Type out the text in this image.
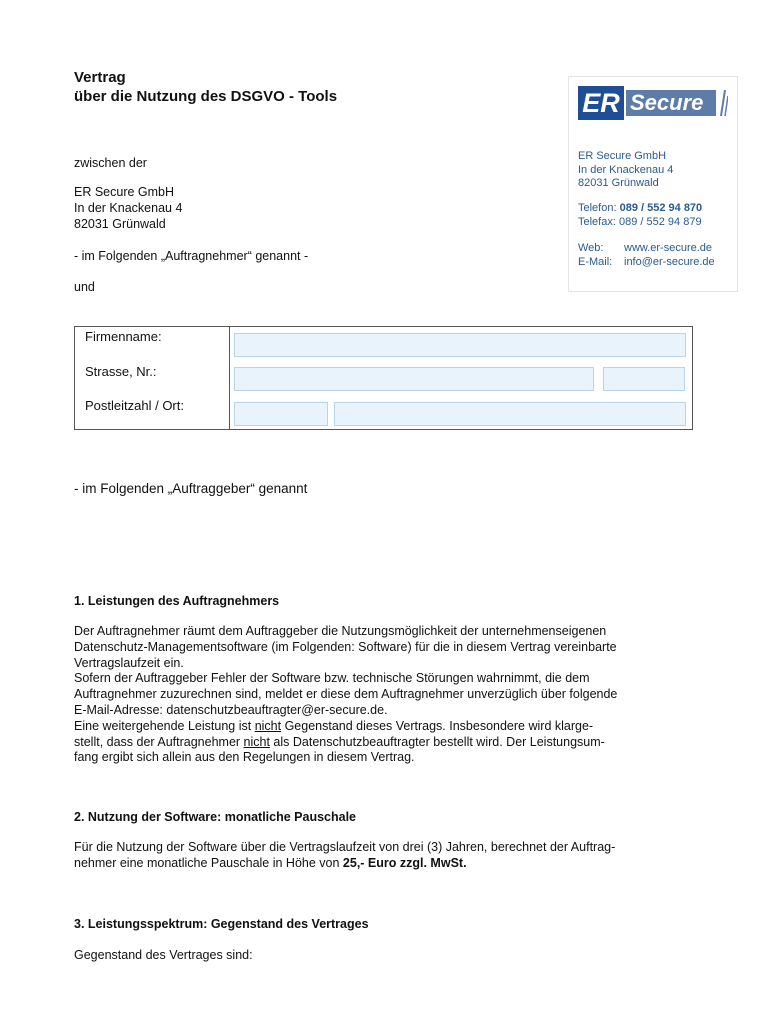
Vertrag
über die Nutzung des DSGVO - Tools	ER Secure
ER Secure GmbH
In der Knackenau 4
82031 Grünwald
Telefon: 089 / 552 94 870
Telefax: 089 / 552 94 879
Web: www.er-secure.de
E-Mail: info@er-secure.de
zwischen der
ER Secure GmbH
In der Knackenau 4
82031 Grünwald
- im Folgenden „Auftragnehmer“ genannt -
und
Firmenname:
Strasse, Nr.:
Postleitzahl / Ort:
- im Folgenden „Auftraggeber“ genannt
1. Leistungen des Auftragnehmers
Der Auftragnehmer räumt dem Auftraggeber die Nutzungsmöglichkeit der unternehmenseigenen
Datenschutz-Managementsoftware (im Folgenden: Software) für die in diesem Vertrag vereinbarte
Vertragslaufzeit ein.
Sofern der Auftraggeber Fehler der Software bzw. technische Störungen wahrnimmt, die dem
Auftragnehmer zuzurechnen sind, meldet er diese dem Auftragnehmer unverzüglich über folgende
E-Mail-Adresse: datenschutzbeauftragter@er-secure.de.
Eine weitergehende Leistung ist nicht Gegenstand dieses Vertrags. Insbesondere wird klarge-
stellt, dass der Auftragnehmer nicht als Datenschutzbeauftragter bestellt wird. Der Leistungsum-
fang ergibt sich allein aus den Regelungen in diesem Vertrag.
2. Nutzung der Software: monatliche Pauschale
Für die Nutzung der Software über die Vertragslaufzeit von drei (3) Jahren, berechnet der Auftrag-
nehmer eine monatliche Pauschale in Höhe von 25,- Euro zzgl. MwSt.
3. Leistungsspektrum: Gegenstand des Vertrages
Gegenstand des Vertrages sind:
